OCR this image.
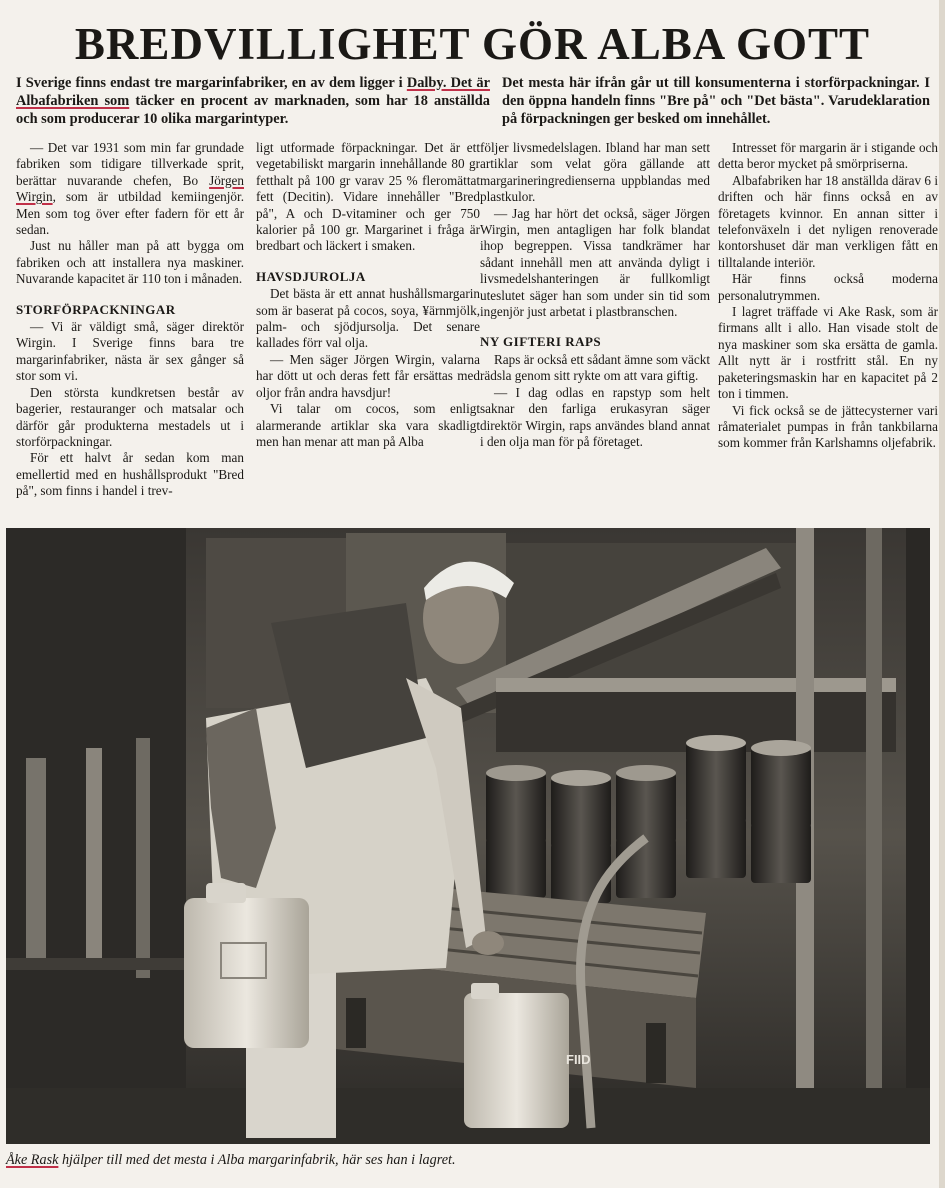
BREDVILLIGHET GÖR ALBA GOTT
I Sverige finns endast tre margarinfabriker, en av dem ligger i Dalby. Det är Albafabriken som täcker en procent av marknaden, som har 18 anställda och som producerar 10 olika margarintyper.
Det mesta här ifrån går ut till konsumenterna i storförpackningar. I den öppna handeln finns "Bre på" och "Det bästa". Varudeklaration på förpackningen ger besked om innehållet.

— Det var 1931 som min far grundade fabriken som tidigare tillverkade sprit, berättar nuvarande chefen, Bo Jörgen Wirgin, som är utbildad kemiingenjör. Men som tog över efter fadern för ett år sedan.

Just nu håller man på att bygga om fabriken och att installera nya maskiner. Nuvarande kapacitet är 110 ton i månaden.

STORFÖRPACKNINGAR

— Vi är väldigt små, säger direktör Wirgin. I Sverige finns bara tre margarinfabriker, nästa är sex gånger så stor som vi.

Den största kundkretsen består av bagerier, restauranger och matsalar och därför går produkterna mestadels ut i storförpackningar.

För ett halvt år sedan kom man emellertid med en hushållsprodukt "Bred på", som finns i handel i trev-

ligt utformade förpackningar. Det är ett vegetabiliskt margarin innehållande 80 gr fetthalt på 100 gr varav 25 % fleromättat fett (Decitin). Vidare innehåller "Bred på", A och D-vitaminer och ger 750 kalorier på 100 gr. Margarinet i fråga är bredbart och läckert i smaken.

HAVSDJUROLJA

Det bästa är ett annat hushållsmargarin som är baserat på cocos, soya, ¥ärnmjölk, palm- och sjödjursolja. Det senare kallades förr val olja.

— Men säger Jörgen Wirgin, valarna har dött ut och deras fett får ersättas med oljor från andra havsdjur!

Vi talar om cocos, som enligt alarmerande artiklar ska vara skadligt men han menar att man på Alba

följer livsmedelslagen. Ibland har man sett artiklar som velat göra gällande att margarineringredienserna uppblandas med plastkulor.

— Jag har hört det också, säger Jörgen Wirgin, men antagligen har folk blandat ihop begreppen. Vissa tandkrämer har sådant innehåll men att använda dyligt i livsmedelshanteringen är fullkomligt uteslutet säger han som under sin tid som ingenjör just arbetat i plastbranschen.

NY GIFTERI RAPS

Raps är också ett sådant ämne som väckt rädsla genom sitt rykte om att vara giftig.

— I dag odlas en rapstyp som helt saknar den farliga erukasyran säger direktör Wirgin, raps användes bland annat i den olja man för på företaget.

Intresset för margarin är i stigande och detta beror mycket på smörpriserna.

Albafabriken har 18 anställda därav 6 i driften och här finns också en av företagets kvinnor. En annan sitter i telefonväxeln i det nyligen renoverade kontorshuset där man verkligen fått en tilltalande interiör.

Här finns också moderna personalutrymmen.

I lagret träffade vi Ake Rask, som är firmans allt i allo. Han visade stolt de nya maskiner som ska ersätta de gamla. Allt nytt är i rostfritt stål. En ny paketeringsmaskin har en kapacitet på 2 ton i timmen.

Vi fick också se de jättecysterner vari råmaterialet pumpas in från tankbilarna som kommer från Karlshamns oljefabrik.

FIID
Åke Rask hjälper till med det mesta i Alba margarinfabrik, här ses han i lagret.
